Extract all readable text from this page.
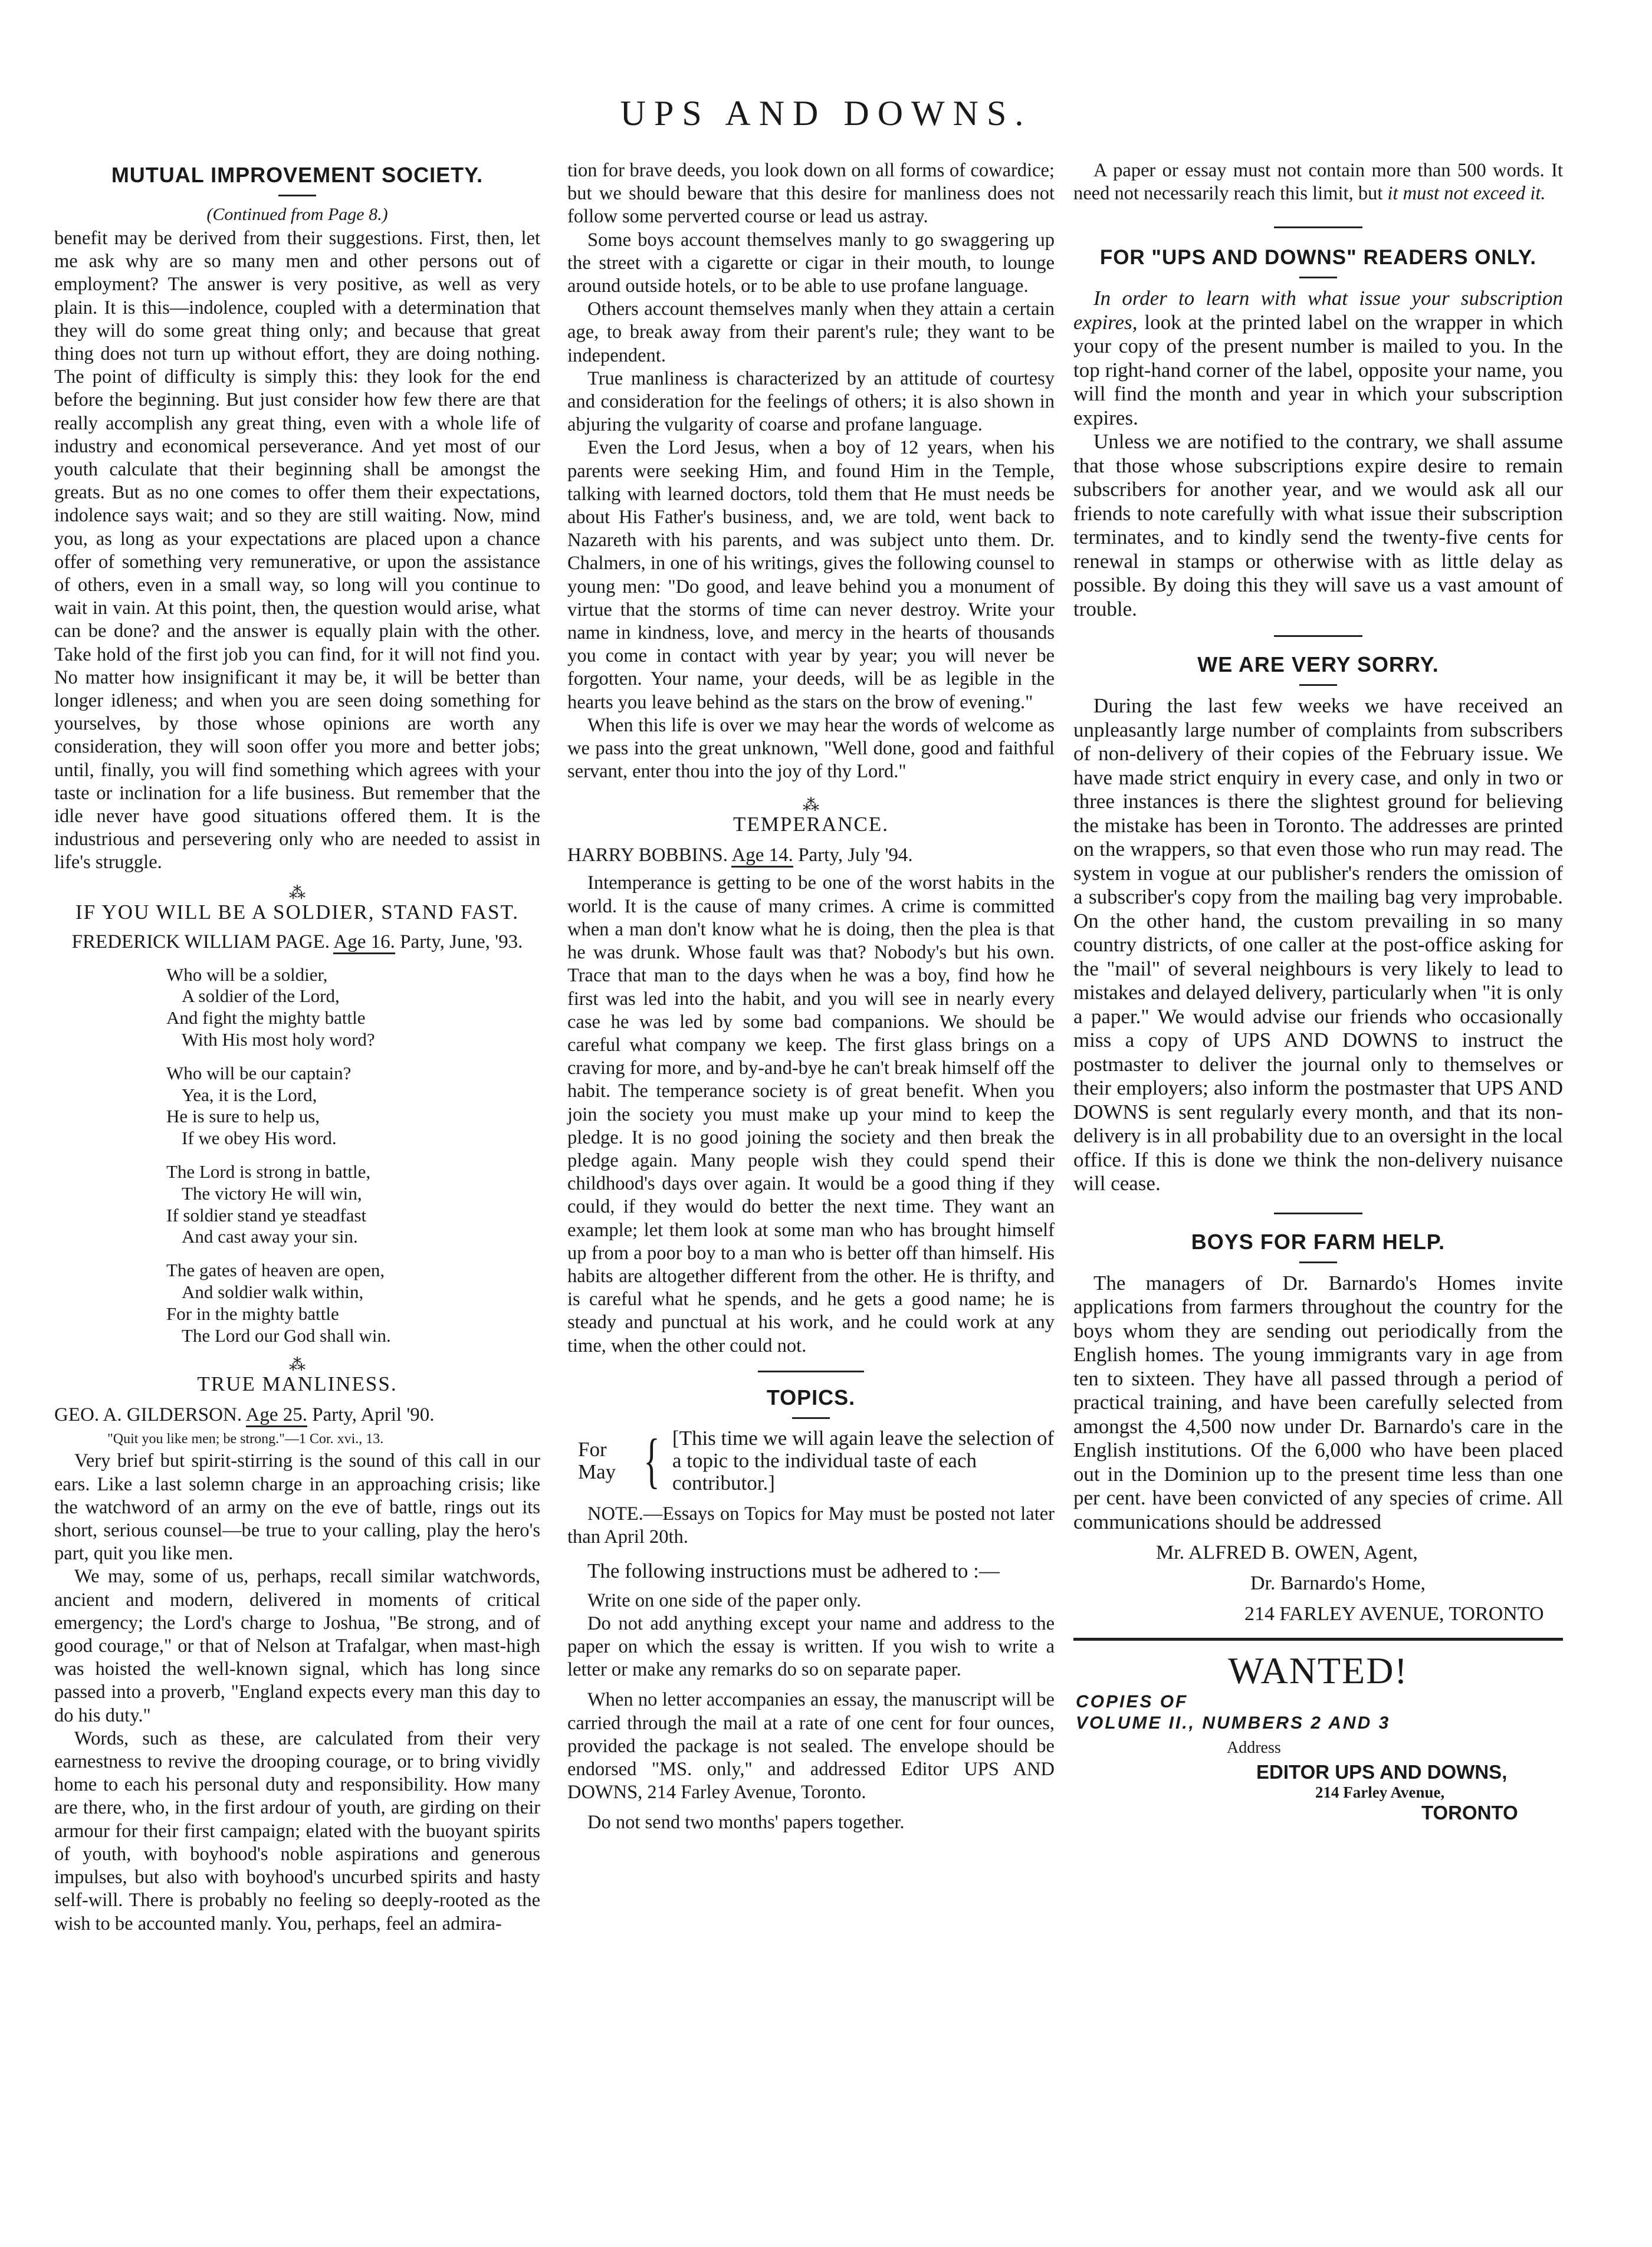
UPS AND DOWNS.
MUTUAL IMPROVEMENT SOCIETY.
(Continued from Page 8.)

benefit may be derived from their suggestions. First, then, let me ask why are so many men and other persons out of employment? The answer is very positive, as well as very plain. It is this—indolence, coupled with a determination that they will do some great thing only; and because that great thing does not turn up without effort, they are doing nothing. The point of difficulty is simply this: they look for the end before the beginning. But just consider how few there are that really accomplish any great thing, even with a whole life of industry and economical perseverance. And yet most of our youth calculate that their beginning shall be amongst the greats. But as no one comes to offer them their expectations, indolence says wait; and so they are still waiting. Now, mind you, as long as your expectations are placed upon a chance offer of something very remunerative, or upon the assistance of others, even in a small way, so long will you continue to wait in vain. At this point, then, the question would arise, what can be done? and the answer is equally plain with the other. Take hold of the first job you can find, for it will not find you. No matter how insignificant it may be, it will be better than longer idleness; and when you are seen doing something for yourselves, by those whose opinions are worth any consideration, they will soon offer you more and better jobs; until, finally, you will find something which agrees with your taste or inclination for a life business. But remember that the idle never have good situations offered them. It is the industrious and persevering only who are needed to assist in life's struggle.

⁂
IF YOU WILL BE A SOLDIER, STAND FAST.
FREDERICK WILLIAM PAGE. Age 16. Party, June, '93.
Who will be a soldier,
A soldier of the Lord,
And fight the mighty battle
With His most holy word?
Who will be our captain?
Yea, it is the Lord,
He is sure to help us,
If we obey His word.
The Lord is strong in battle,
The victory He will win,
If soldier stand ye steadfast
And cast away your sin.
The gates of heaven are open,
And soldier walk within,
For in the mighty battle
The Lord our God shall win.
⁂
TRUE MANLINESS.
GEO. A. GILDERSON. Age 25. Party, April '90.
"Quit you like men; be strong."—1 Cor. xvi., 13.

Very brief but spirit-stirring is the sound of this call in our ears. Like a last solemn charge in an approaching crisis; like the watchword of an army on the eve of battle, rings out its short, serious counsel—be true to your calling, play the hero's part, quit you like men.

We may, some of us, perhaps, recall similar watchwords, ancient and modern, delivered in moments of critical emergency; the Lord's charge to Joshua, "Be strong, and of good courage," or that of Nelson at Trafalgar, when mast-high was hoisted the well-known signal, which has long since passed into a proverb, "England expects every man this day to do his duty."

Words, such as these, are calculated from their very earnestness to revive the drooping courage, or to bring vividly home to each his personal duty and responsibility. How many are there, who, in the first ardour of youth, are girding on their armour for their first campaign; elated with the buoyant spirits of youth, with boyhood's noble aspirations and generous impulses, but also with boyhood's uncurbed spirits and hasty self-will. There is probably no feeling so deeply-rooted as the wish to be accounted manly. You, perhaps, feel an admira-

tion for brave deeds, you look down on all forms of cowardice; but we should beware that this desire for manliness does not follow some perverted course or lead us astray.

Some boys account themselves manly to go swaggering up the street with a cigarette or cigar in their mouth, to lounge around outside hotels, or to be able to use profane language.

Others account themselves manly when they attain a certain age, to break away from their parent's rule; they want to be independent.

True manliness is characterized by an attitude of courtesy and consideration for the feelings of others; it is also shown in abjuring the vulgarity of coarse and profane language.

Even the Lord Jesus, when a boy of 12 years, when his parents were seeking Him, and found Him in the Temple, talking with learned doctors, told them that He must needs be about His Father's business, and, we are told, went back to Nazareth with his parents, and was subject unto them. Dr. Chalmers, in one of his writings, gives the following counsel to young men: "Do good, and leave behind you a monument of virtue that the storms of time can never destroy. Write your name in kindness, love, and mercy in the hearts of thousands you come in contact with year by year; you will never be forgotten. Your name, your deeds, will be as legible in the hearts you leave behind as the stars on the brow of evening."

When this life is over we may hear the words of welcome as we pass into the great unknown, "Well done, good and faithful servant, enter thou into the joy of thy Lord."

⁂
TEMPERANCE.
HARRY BOBBINS. Age 14. Party, July '94.

Intemperance is getting to be one of the worst habits in the world. It is the cause of many crimes. A crime is committed when a man don't know what he is doing, then the plea is that he was drunk. Whose fault was that? Nobody's but his own. Trace that man to the days when he was a boy, find how he first was led into the habit, and you will see in nearly every case he was led by some bad companions. We should be careful what company we keep. The first glass brings on a craving for more, and by-and-bye he can't break himself off the habit. The temperance society is of great benefit. When you join the society you must make up your mind to keep the pledge. It is no good joining the society and then break the pledge again. Many people wish they could spend their childhood's days over again. It would be a good thing if they could, if they would do better the next time. They want an example; let them look at some man who has brought himself up from a poor boy to a man who is better off than himself. His habits are altogether different from the other. He is thrifty, and is careful what he spends, and he gets a good name; he is steady and punctual at his work, and he could work at any time, when the other could not.

TOPICS.
For
May { [This time we will again leave the selection of a topic to the individual taste of each contributor.]

NOTE.—Essays on Topics for May must be posted not later than April 20th.

The following instructions must be adhered to :—

Write on one side of the paper only.

Do not add anything except your name and address to the paper on which the essay is written. If you wish to write a letter or make any remarks do so on separate paper.

When no letter accompanies an essay, the manuscript will be carried through the mail at a rate of one cent for four ounces, provided the package is not sealed. The envelope should be endorsed "MS. only," and addressed Editor UPS AND DOWNS, 214 Farley Avenue, Toronto.

Do not send two months' papers together.

A paper or essay must not contain more than 500 words. It need not necessarily reach this limit, but it must not exceed it.

FOR "UPS AND DOWNS" READERS ONLY.

In order to learn with what issue your subscription expires, look at the printed label on the wrapper in which your copy of the present number is mailed to you. In the top right-hand corner of the label, opposite your name, you will find the month and year in which your subscription expires.

Unless we are notified to the contrary, we shall assume that those whose subscriptions expire desire to remain subscribers for another year, and we would ask all our friends to note carefully with what issue their subscription terminates, and to kindly send the twenty-five cents for renewal in stamps or otherwise with as little delay as possible. By doing this they will save us a vast amount of trouble.

WE ARE VERY SORRY.

During the last few weeks we have received an unpleasantly large number of complaints from subscribers of non-delivery of their copies of the February issue. We have made strict enquiry in every case, and only in two or three instances is there the slightest ground for believing the mistake has been in Toronto. The addresses are printed on the wrappers, so that even those who run may read. The system in vogue at our publisher's renders the omission of a subscriber's copy from the mailing bag very improbable. On the other hand, the custom prevailing in so many country districts, of one caller at the post-office asking for the "mail" of several neighbours is very likely to lead to mistakes and delayed delivery, particularly when "it is only a paper." We would advise our friends who occasionally miss a copy of UPS AND DOWNS to instruct the postmaster to deliver the journal only to themselves or their employers; also inform the postmaster that UPS AND DOWNS is sent regularly every month, and that its non-delivery is in all probability due to an oversight in the local office. If this is done we think the non-delivery nuisance will cease.

BOYS FOR FARM HELP.

The managers of Dr. Barnardo's Homes invite applications from farmers throughout the country for the boys whom they are sending out periodically from the English homes. The young immigrants vary in age from ten to sixteen. They have all passed through a period of practical training, and have been carefully selected from amongst the 4,500 now under Dr. Barnardo's care in the English institutions. Of the 6,000 who have been placed out in the Dominion up to the present time less than one per cent. have been convicted of any species of crime. All communications should be addressed

Mr. ALFRED B. OWEN, Agent,
Dr. Barnardo's Home,
214 FARLEY AVENUE, TORONTO
WANTED!
COPIES OF
VOLUME II., NUMBERS 2 AND 3
Address
EDITOR UPS AND DOWNS,
214 Farley Avenue,
TORONTO
